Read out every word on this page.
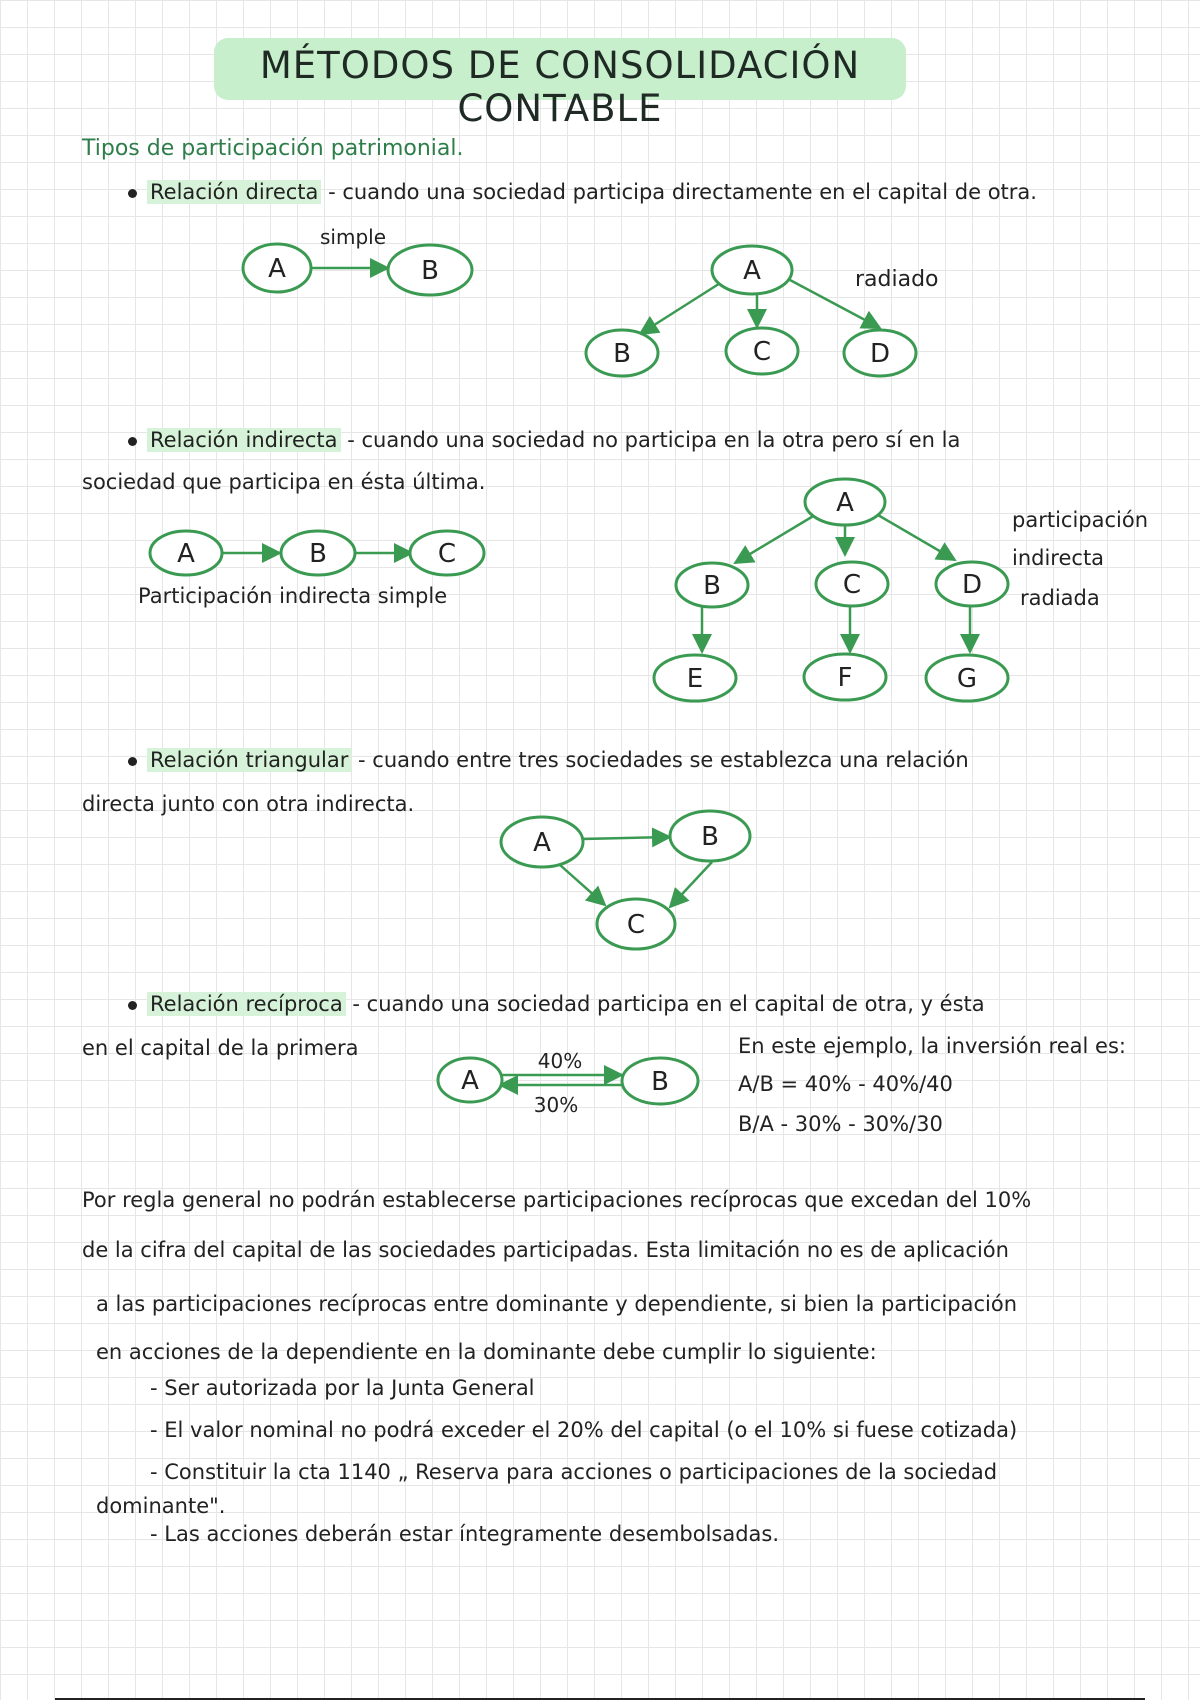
MÉTODOS DE CONSOLIDACIÓN CONTABLE
Tipos de participación patrimonial.
Relación directa - cuando una sociedad participa directamente en el capital de otra.
Relación indirecta - cuando una sociedad no participa en la otra pero sí en la
sociedad que participa en ésta última.
Participación indirecta simple
participación
indirecta
radiada
Relación triangular - cuando entre tres sociedades se establezca una relación
directa junto con otra indirecta.
Relación recíproca - cuando una sociedad participa en el capital de otra, y ésta
en el capital de la primera	En este ejemplo, la inversión real es:
A/B = 40% - 40%/40
B/A - 30% - 30%/30
Por regla general no podrán establecerse participaciones recíprocas que excedan del 10%
de la cifra del capital de las sociedades participadas. Esta limitación no es de aplicación
a las participaciones recíprocas entre dominante y dependiente, si bien la participación
en acciones de la dependiente en la dominante debe cumplir lo siguiente:
- Ser autorizada por la Junta General
- El valor nominal no podrá exceder el 20% del capital (o el 10% si fuese cotizada)
- Constituir la cta 1140 „ Reserva para acciones o participaciones de la sociedad
dominante".
- Las acciones deberán estar íntegramente desembolsadas.
simple
A	B	A
B	C	D
radiado
A	B	C
A
B	C	D
E	F	G
A	B
C
40%
30%
A	B
